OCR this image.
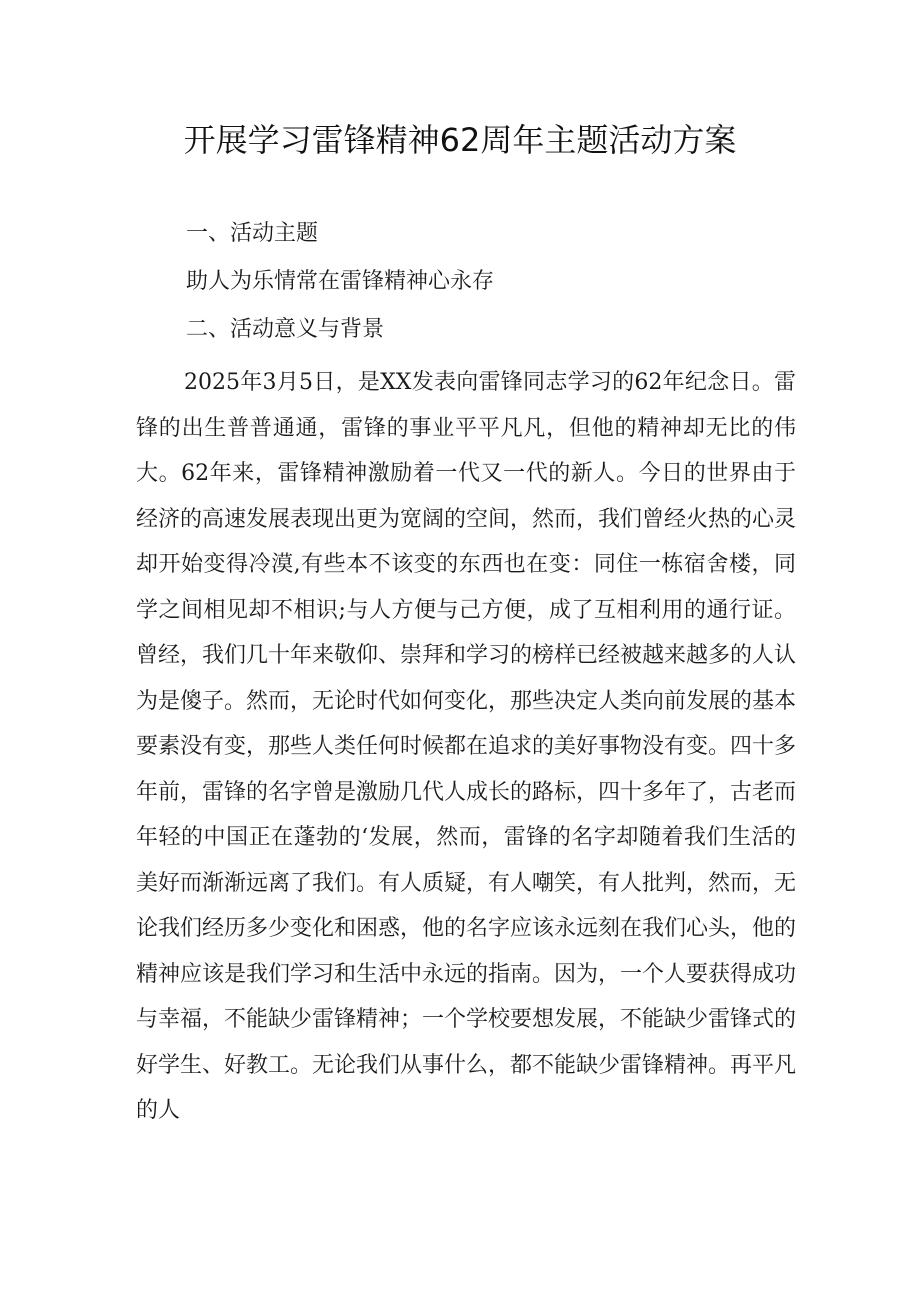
开展学习雷锋精神62周年主题活动方案
一、活动主题
助人为乐情常在雷锋精神心永存
二、活动意义与背景

2025年3月5日，是XX发表向雷锋同志学习的62年纪念日。雷锋的出生普普通通，雷锋的事业平平凡凡，但他的精神却无比的伟大。62年来，雷锋精神激励着一代又一代的新人。今日的世界由于经济的高速发展表现出更为宽阔的空间，然而，我们曾经火热的心灵却开始变得冷漠,有些本不该变的东西也在变：同住一栋宿舍楼，同学之间相见却不相识;与人方便与己方便，成了互相利用的通行证。曾经，我们几十年来敬仰、崇拜和学习的榜样已经被越来越多的人认为是傻子。然而，无论时代如何变化，那些决定人类向前发展的基本要素没有变，那些人类任何时候都在追求的美好事物没有变。四十多年前，雷锋的名字曾是激励几代人成长的路标，四十多年了，古老而年轻的中国正在蓬勃的‘发展，然而，雷锋的名字却随着我们生活的美好而渐渐远离了我们。有人质疑，有人嘲笑，有人批判，然而，无论我们经历多少变化和困惑，他的名字应该永远刻在我们心头，他的精神应该是我们学习和生活中永远的指南。因为，一个人要获得成功与幸福，不能缺少雷锋精神；一个学校要想发展，不能缺少雷锋式的好学生、好教工。无论我们从事什么，都不能缺少雷锋精神。再平凡的人
